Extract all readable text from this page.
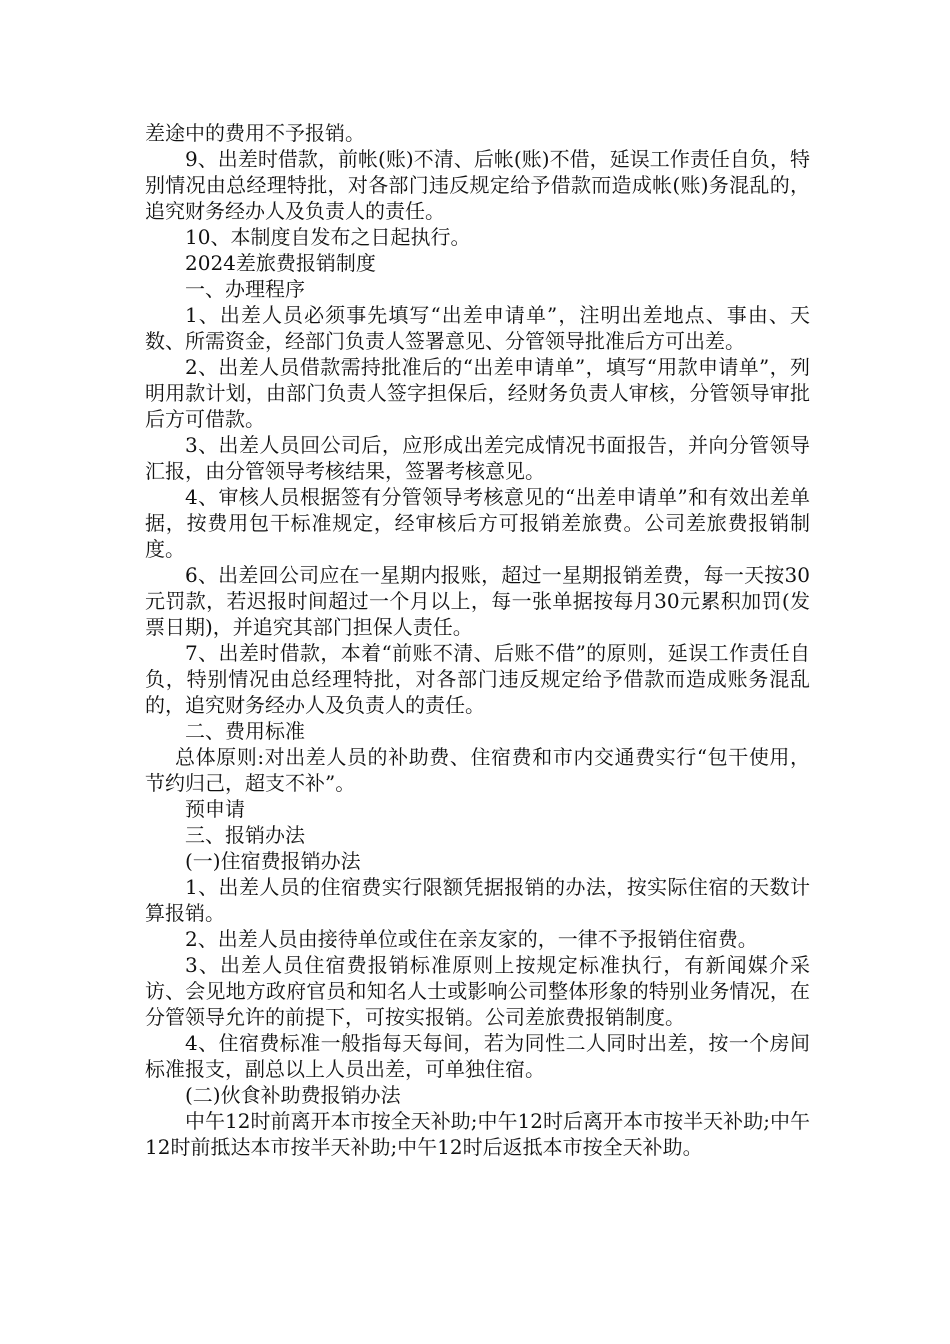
差途中的费用不予报销。

9、出差时借款，前帐(账)不清、后帐(账)不借，延误工作责任自负，特别情况由总经理特批，对各部门违反规定给予借款而造成帐(账)务混乱的，追究财务经办人及负责人的责任。

10、本制度自发布之日起执行。

2024差旅费报销制度

一、办理程序

1、出差人员必须事先填写“出差申请单”，注明出差地点、事由、天数、所需资金，经部门负责人签署意见、分管领导批准后方可出差。

2、出差人员借款需持批准后的“出差申请单”，填写“用款申请单”，列明用款计划，由部门负责人签字担保后，经财务负责人审核，分管领导审批后方可借款。

3、出差人员回公司后，应形成出差完成情况书面报告，并向分管领导汇报，由分管领导考核结果，签署考核意见。

4、审核人员根据签有分管领导考核意见的“出差申请单”和有效出差单据，按费用包干标准规定，经审核后方可报销差旅费。公司差旅费报销制度。

6、出差回公司应在一星期内报账，超过一星期报销差费，每一天按30元罚款，若迟报时间超过一个月以上，每一张单据按每月30元累积加罚(发票日期)，并追究其部门担保人责任。

7、出差时借款，本着“前账不清、后账不借”的原则，延误工作责任自负，特别情况由总经理特批，对各部门违反规定给予借款而造成账务混乱的，追究财务经办人及负责人的责任。

二、费用标准

总体原则:对出差人员的补助费、住宿费和市内交通费实行“包干使用，节约归己，超支不补”。

预申请

三、报销办法

(一)住宿费报销办法

1、出差人员的住宿费实行限额凭据报销的办法，按实际住宿的天数计算报销。

2、出差人员由接待单位或住在亲友家的，一律不予报销住宿费。

3、出差人员住宿费报销标准原则上按规定标准执行，有新闻媒介采访、会见地方政府官员和知名人士或影响公司整体形象的特别业务情况，在分管领导允许的前提下，可按实报销。公司差旅费报销制度。

4、住宿费标准一般指每天每间，若为同性二人同时出差，按一个房间标准报支，副总以上人员出差，可单独住宿。

(二)伙食补助费报销办法

中午12时前离开本市按全天补助;中午12时后离开本市按半天补助;中午12时前抵达本市按半天补助;中午12时后返抵本市按全天补助。
